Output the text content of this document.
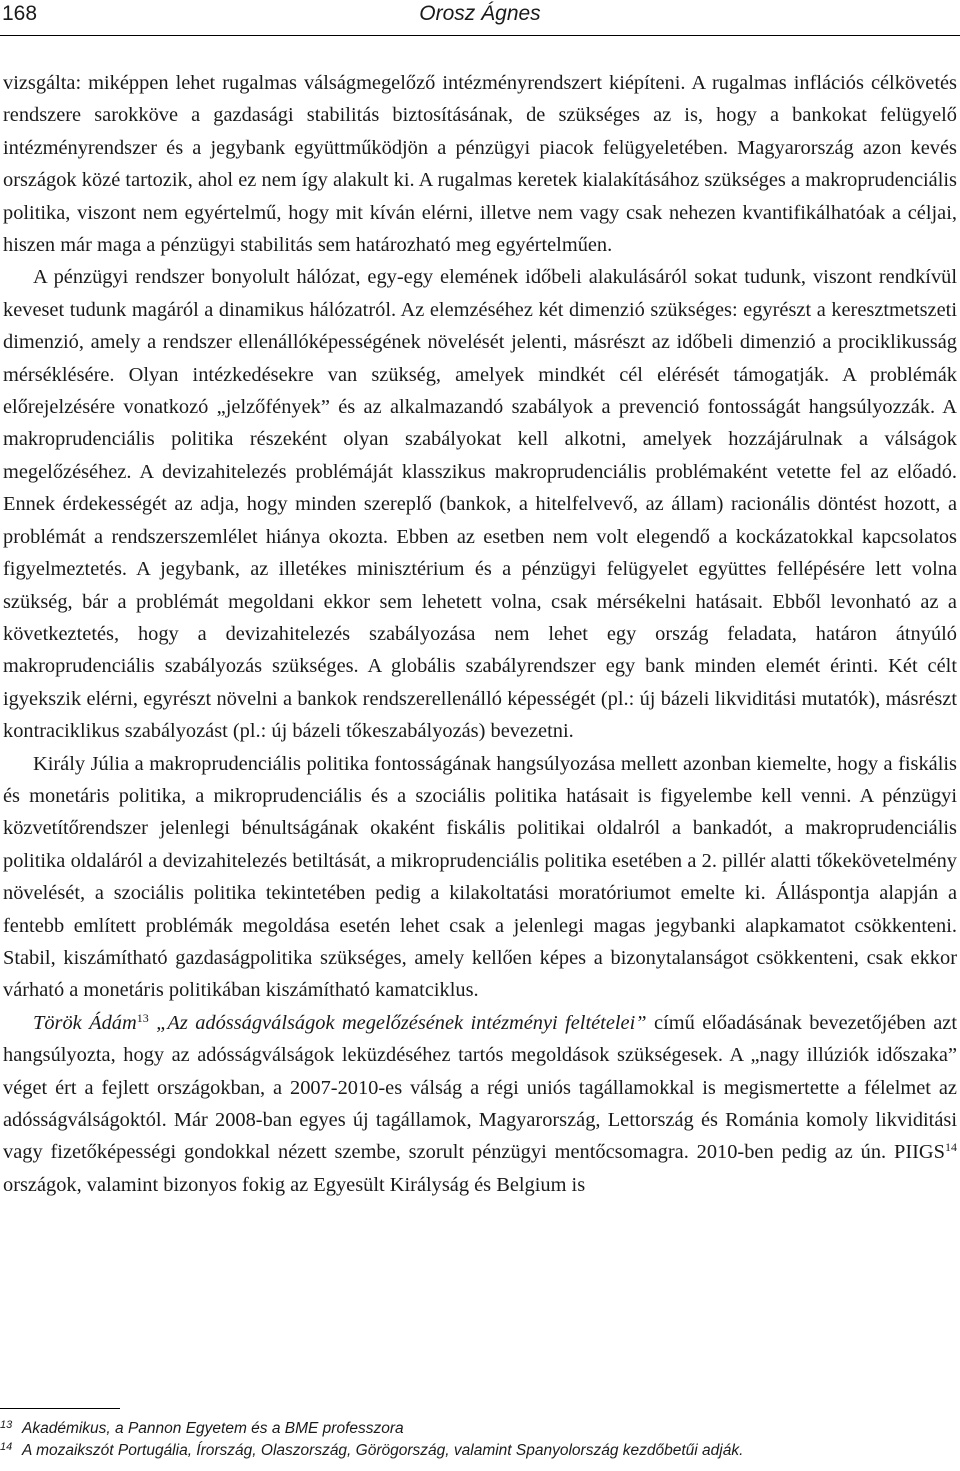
168	Orosz Ágnes

vizsgálta: miképpen lehet rugalmas válságmegelőző intézményrendszert kiépíteni. A rugalmas inflációs célkövetés rendszere sarokköve a gazdasági stabilitás biztosításának, de szükséges az is, hogy a bankokat felügyelő intézményrendszer és a jegybank együttműködjön a pénzügyi piacok felügyeletében. Magyarország azon kevés országok közé tartozik, ahol ez nem így alakult ki. A rugalmas keretek kialakításához szükséges a makroprudenciális politika, viszont nem egyértelmű, hogy mit kíván elérni, illetve nem vagy csak nehezen kvantifikálhatóak a céljai, hiszen már maga a pénzügyi stabilitás sem határozható meg egyértelműen.

A pénzügyi rendszer bonyolult hálózat, egy-egy elemének időbeli alakulásáról sokat tudunk, viszont rendkívül keveset tudunk magáról a dinamikus hálózatról. Az elemzéséhez két dimenzió szükséges: egyrészt a keresztmetszeti dimenzió, amely a rendszer ellenállóképességének növelését jelenti, másrészt az időbeli dimenzió a prociklikusság mérséklésére. Olyan intézkedésekre van szükség, amelyek mindkét cél elérését támogatják. A problémák előrejelzésére vonatkozó „jelzőfények” és az alkalmazandó szabályok a prevenció fontosságát hangsúlyozzák. A makroprudenciális politika részeként olyan szabályokat kell alkotni, amelyek hozzájárulnak a válságok megelőzéséhez. A devizahitelezés problémáját klasszikus makroprudenciális problémaként vetette fel az előadó. Ennek érdekességét az adja, hogy minden szereplő (bankok, a hitelfelvevő, az állam) racionális döntést hozott, a problémát a rendszerszemlélet hiánya okozta. Ebben az esetben nem volt elegendő a kockázatokkal kapcsolatos figyelmeztetés. A jegybank, az illetékes minisztérium és a pénzügyi felügyelet együttes fellépésére lett volna szükség, bár a problémát megoldani ekkor sem lehetett volna, csak mérsékelni hatásait. Ebből levonható az a következtetés, hogy a devizahitelezés szabályozása nem lehet egy ország feladata, határon átnyúló makroprudenciális szabályozás szükséges. A globális szabályrendszer egy bank minden elemét érinti. Két célt igyekszik elérni, egyrészt növelni a bankok rendszerellenálló képességét (pl.: új bázeli likviditási mutatók), másrészt kontraciklikus szabályozást (pl.: új bázeli tőkeszabályozás) bevezetni.

Király Júlia a makroprudenciális politika fontosságának hangsúlyozása mellett azonban kiemelte, hogy a fiskális és monetáris politika, a mikroprudenciális és a szociális politika hatásait is figyelembe kell venni. A pénzügyi közvetítőrendszer jelenlegi bénultságának okaként fiskális politikai oldalról a bankadót, a makroprudenciális politika oldaláról a devizahitelezés betiltását, a mikroprudenciális politika esetében a 2. pillér alatti tőkekövetelmény növelését, a szociális politika tekintetében pedig a kilakoltatási moratóriumot emelte ki. Álláspontja alapján a fentebb említett problémák megoldása esetén lehet csak a jelenlegi magas jegybanki alapkamatot csökkenteni. Stabil, kiszámítható gazdaságpolitika szükséges, amely kellően képes a bizonytalanságot csökkenteni, csak ekkor várható a monetáris politikában kiszámítható kamatciklus.

Török Ádám$^{13}$ „Az adósságválságok megelőzésének intézményi feltételei” című előadásának bevezetőjében azt hangsúlyozta, hogy az adósságválságok leküzdéséhez tartós megoldások szükségesek. A „nagy illúziók időszaka” véget ért a fejlett országokban, a 2007-2010-es válság a régi uniós tagállamokkal is megismertette a félelmet az adósságválságoktól. Már 2008-ban egyes új tagállamok, Magyarország, Lettország és Románia komoly likviditási vagy fizetőképességi gondokkal nézett szembe, szorult pénzügyi mentőcsomagra. 2010-ben pedig az ún. PIIGS$^{14}$ országok, valamint bizonyos fokig az Egyesült Királyság és Belgium is

13 Akadémikus, a Pannon Egyetem és a BME professzora
14 A mozaikszót Portugália, Írország, Olaszország, Görögország, valamint Spanyolország kezdőbetűi adják.
